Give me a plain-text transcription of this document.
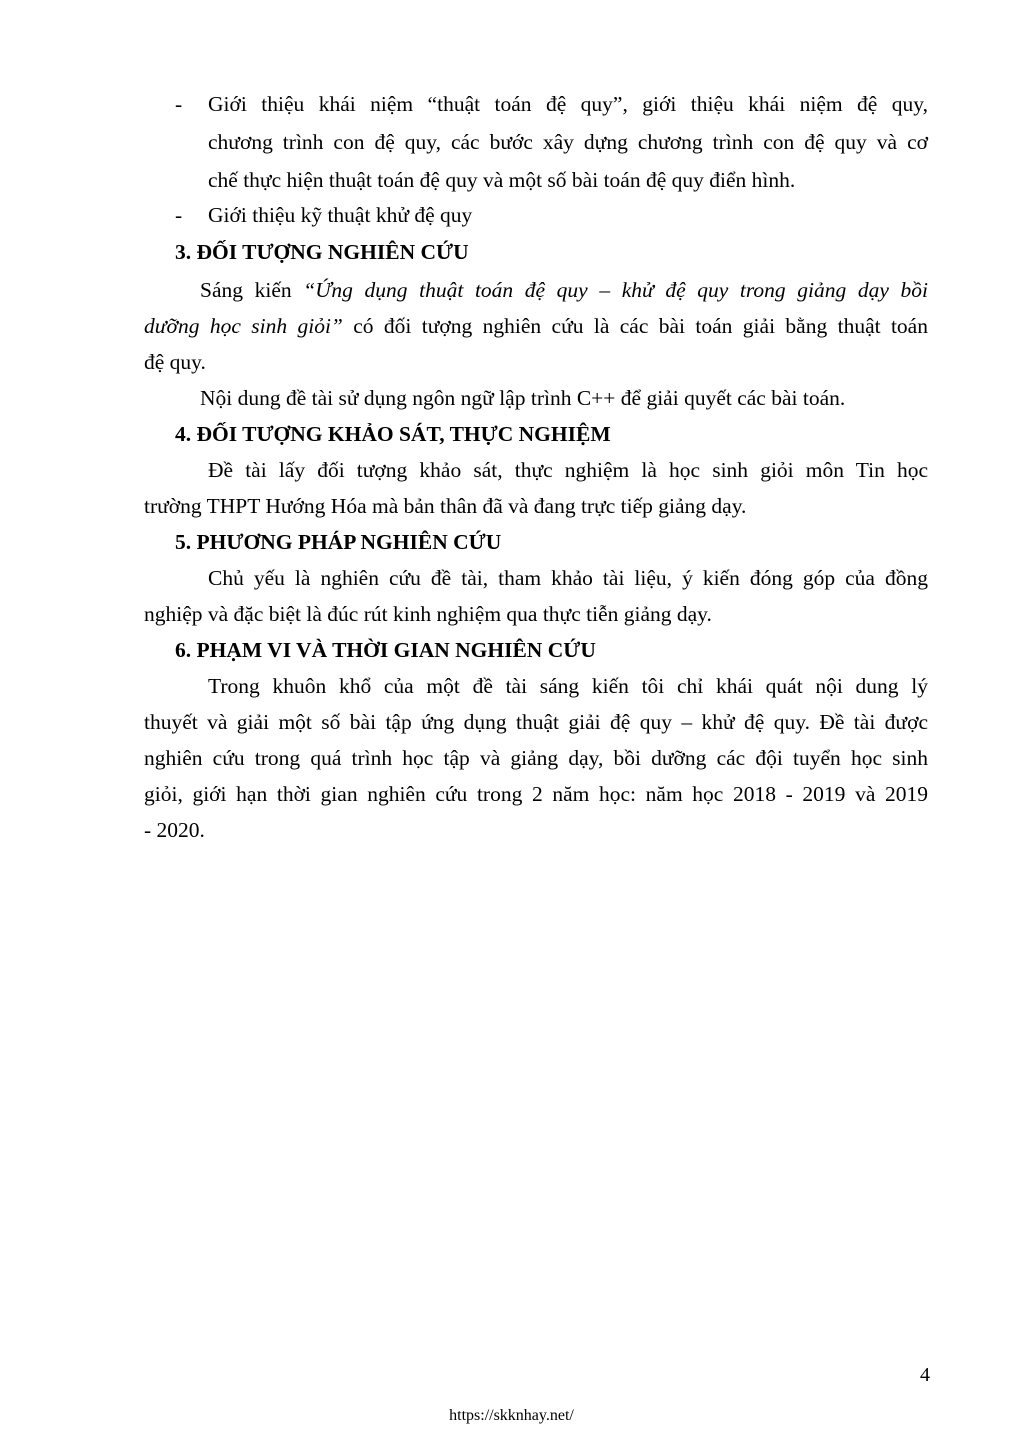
- Giới thiệu khái niệm “thuật toán đệ quy”, giới thiệu khái niệm đệ quy,
chương trình con đệ quy, các bước xây dựng chương trình con đệ quy và cơ
chế thực hiện thuật toán đệ quy và một số bài toán đệ quy điển hình.
- Giới thiệu kỹ thuật khử đệ quy
3. ĐỐI TƯỢNG NGHIÊN CỨU
Sáng kiến “Ứng dụng thuật toán đệ quy – khử đệ quy trong giảng dạy bồi
dưỡng học sinh giỏi” có đối tượng nghiên cứu là các bài toán giải bằng thuật toán
đệ quy.
Nội dung đề tài sử dụng ngôn ngữ lập trình C++ để giải quyết các bài toán.
4. ĐỐI TƯỢNG KHẢO SÁT, THỰC NGHIỆM
Đề tài lấy đối tượng khảo sát, thực nghiệm là học sinh giỏi môn Tin học
trường THPT Hướng Hóa mà bản thân đã và đang trực tiếp giảng dạy.
5. PHƯƠNG PHÁP NGHIÊN CỨU
Chủ yếu là nghiên cứu đề tài, tham khảo tài liệu, ý kiến đóng góp của đồng
nghiệp và đặc biệt là đúc rút kinh nghiệm qua thực tiễn giảng dạy.
6. PHẠM VI VÀ THỜI GIAN NGHIÊN CỨU
Trong khuôn khổ của một đề tài sáng kiến tôi chỉ khái quát nội dung lý
thuyết và giải một số bài tập ứng dụng thuật giải đệ quy – khử đệ quy. Đề tài được
nghiên cứu trong quá trình học tập và giảng dạy, bồi dưỡng các đội tuyển học sinh
giỏi, giới hạn thời gian nghiên cứu trong 2 năm học: năm học 2018 - 2019 và 2019
- 2020.
4
https://skknhay.net/
